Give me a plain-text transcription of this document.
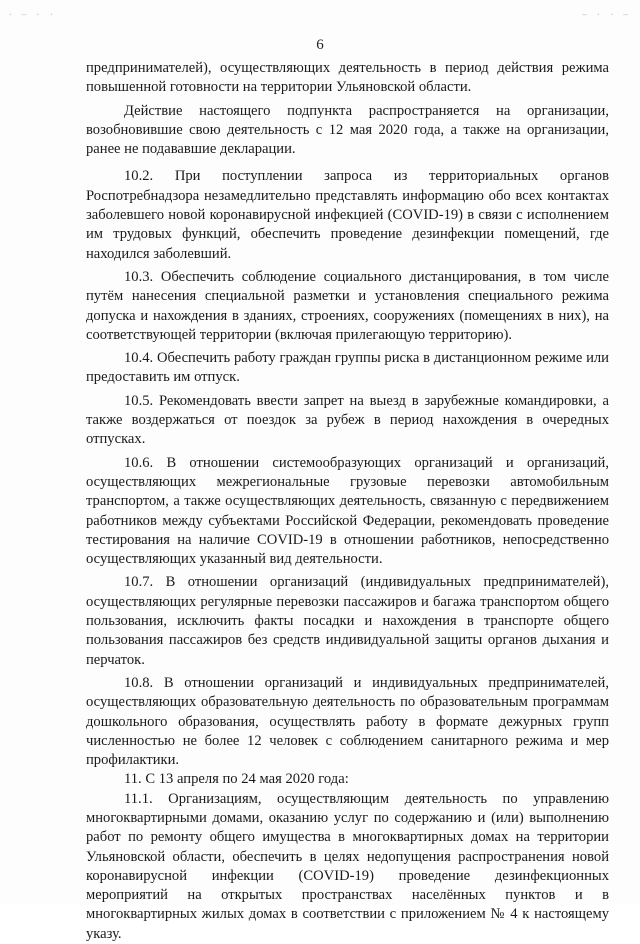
· — · ·	— · · —
6

предпринимателей), осуществляющих деятельность в период действия режима повышенной готовности на территории Ульяновской области.

Действие настоящего подпункта распространяется на организации, возобновившие свою деятельность с 12 мая 2020 года, а также на организации, ранее не подававшие декларации.

10.2. При поступлении запроса из территориальных органов Роспотребнадзора незамедлительно представлять информацию обо всех контактах заболевшего новой коронавирусной инфекцией (COVID-19) в связи с исполнением им трудовых функций, обеспечить проведение дезинфекции помещений, где находился заболевший.

10.3. Обеспечить соблюдение социального дистанцирования, в том числе путём нанесения специальной разметки и установления специального режима допуска и нахождения в зданиях, строениях, сооружениях (помещениях в них), на соответствующей территории (включая прилегающую территорию).

10.4. Обеспечить работу граждан группы риска в дистанционном режиме или предоставить им отпуск.

10.5. Рекомендовать ввести запрет на выезд в зарубежные командировки, а также воздержаться от поездок за рубеж в период нахождения в очередных отпусках.

10.6. В отношении системообразующих организаций и организаций, осуществляющих межрегиональные грузовые перевозки автомобильным транспортом, а также осуществляющих деятельность, связанную с передвижением работников между субъектами Российской Федерации, рекомендовать проведение тестирования на наличие COVID-19 в отношении работников, непосредственно осуществляющих указанный вид деятельности.

10.7. В отношении организаций (индивидуальных предпринимателей), осуществляющих регулярные перевозки пассажиров и багажа транспортом общего пользования, исключить факты посадки и нахождения в транспорте общего пользования пассажиров без средств индивидуальной защиты органов дыхания и перчаток.

10.8. В отношении организаций и индивидуальных предпринимателей, осуществляющих образовательную деятельность по образовательным программам дошкольного образования, осуществлять работу в формате дежурных групп численностью не более 12 человек с соблюдением санитарного режима и мер профилактики.

11. С 13 апреля по 24 мая 2020 года:

11.1. Организациям, осуществляющим деятельность по управлению многоквартирными домами, оказанию услуг по содержанию и (или) выполнению работ по ремонту общего имущества в многоквартирных домах на территории Ульяновской области, обеспечить в целях недопущения распространения новой коронавирусной инфекции (COVID-19) проведение дезинфекционных мероприятий на открытых пространствах населённых пунктов и в многоквартирных жилых домах в соответствии с приложением № 4 к настоящему указу.
